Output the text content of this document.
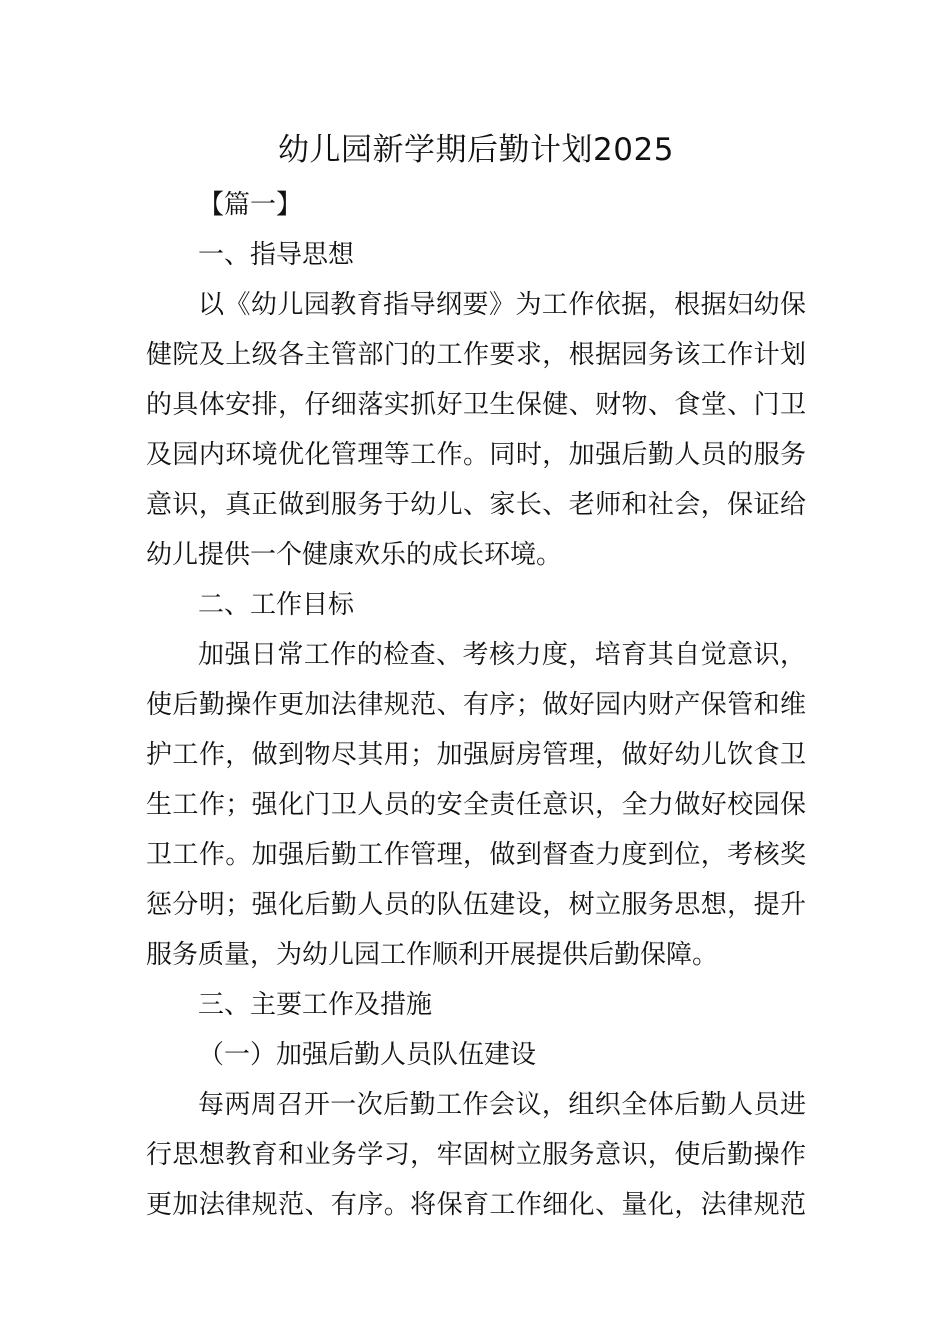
幼儿园新学期后勤计划2025
【篇一】
一、指导思想
以《幼儿园教育指导纲要》为工作依据，根据妇幼保
健院及上级各主管部门的工作要求，根据园务该工作计划
的具体安排，仔细落实抓好卫生保健、财物、食堂、门卫
及园内环境优化管理等工作。同时，加强后勤人员的服务
意识，真正做到服务于幼儿、家长、老师和社会，保证给
幼儿提供一个健康欢乐的成长环境。
二、工作目标
加强日常工作的检查、考核力度，培育其自觉意识，
使后勤操作更加法律规范、有序；做好园内财产保管和维
护工作，做到物尽其用；加强厨房管理，做好幼儿饮食卫
生工作；强化门卫人员的安全责任意识，全力做好校园保
卫工作。加强后勤工作管理，做到督查力度到位，考核奖
惩分明；强化后勤人员的队伍建设，树立服务思想，提升
服务质量，为幼儿园工作顺利开展提供后勤保障。
三、主要工作及措施
（一）加强后勤人员队伍建设
每两周召开一次后勤工作会议，组织全体后勤人员进
行思想教育和业务学习，牢固树立服务意识，使后勤操作
更加法律规范、有序。将保育工作细化、量化，法律规范
